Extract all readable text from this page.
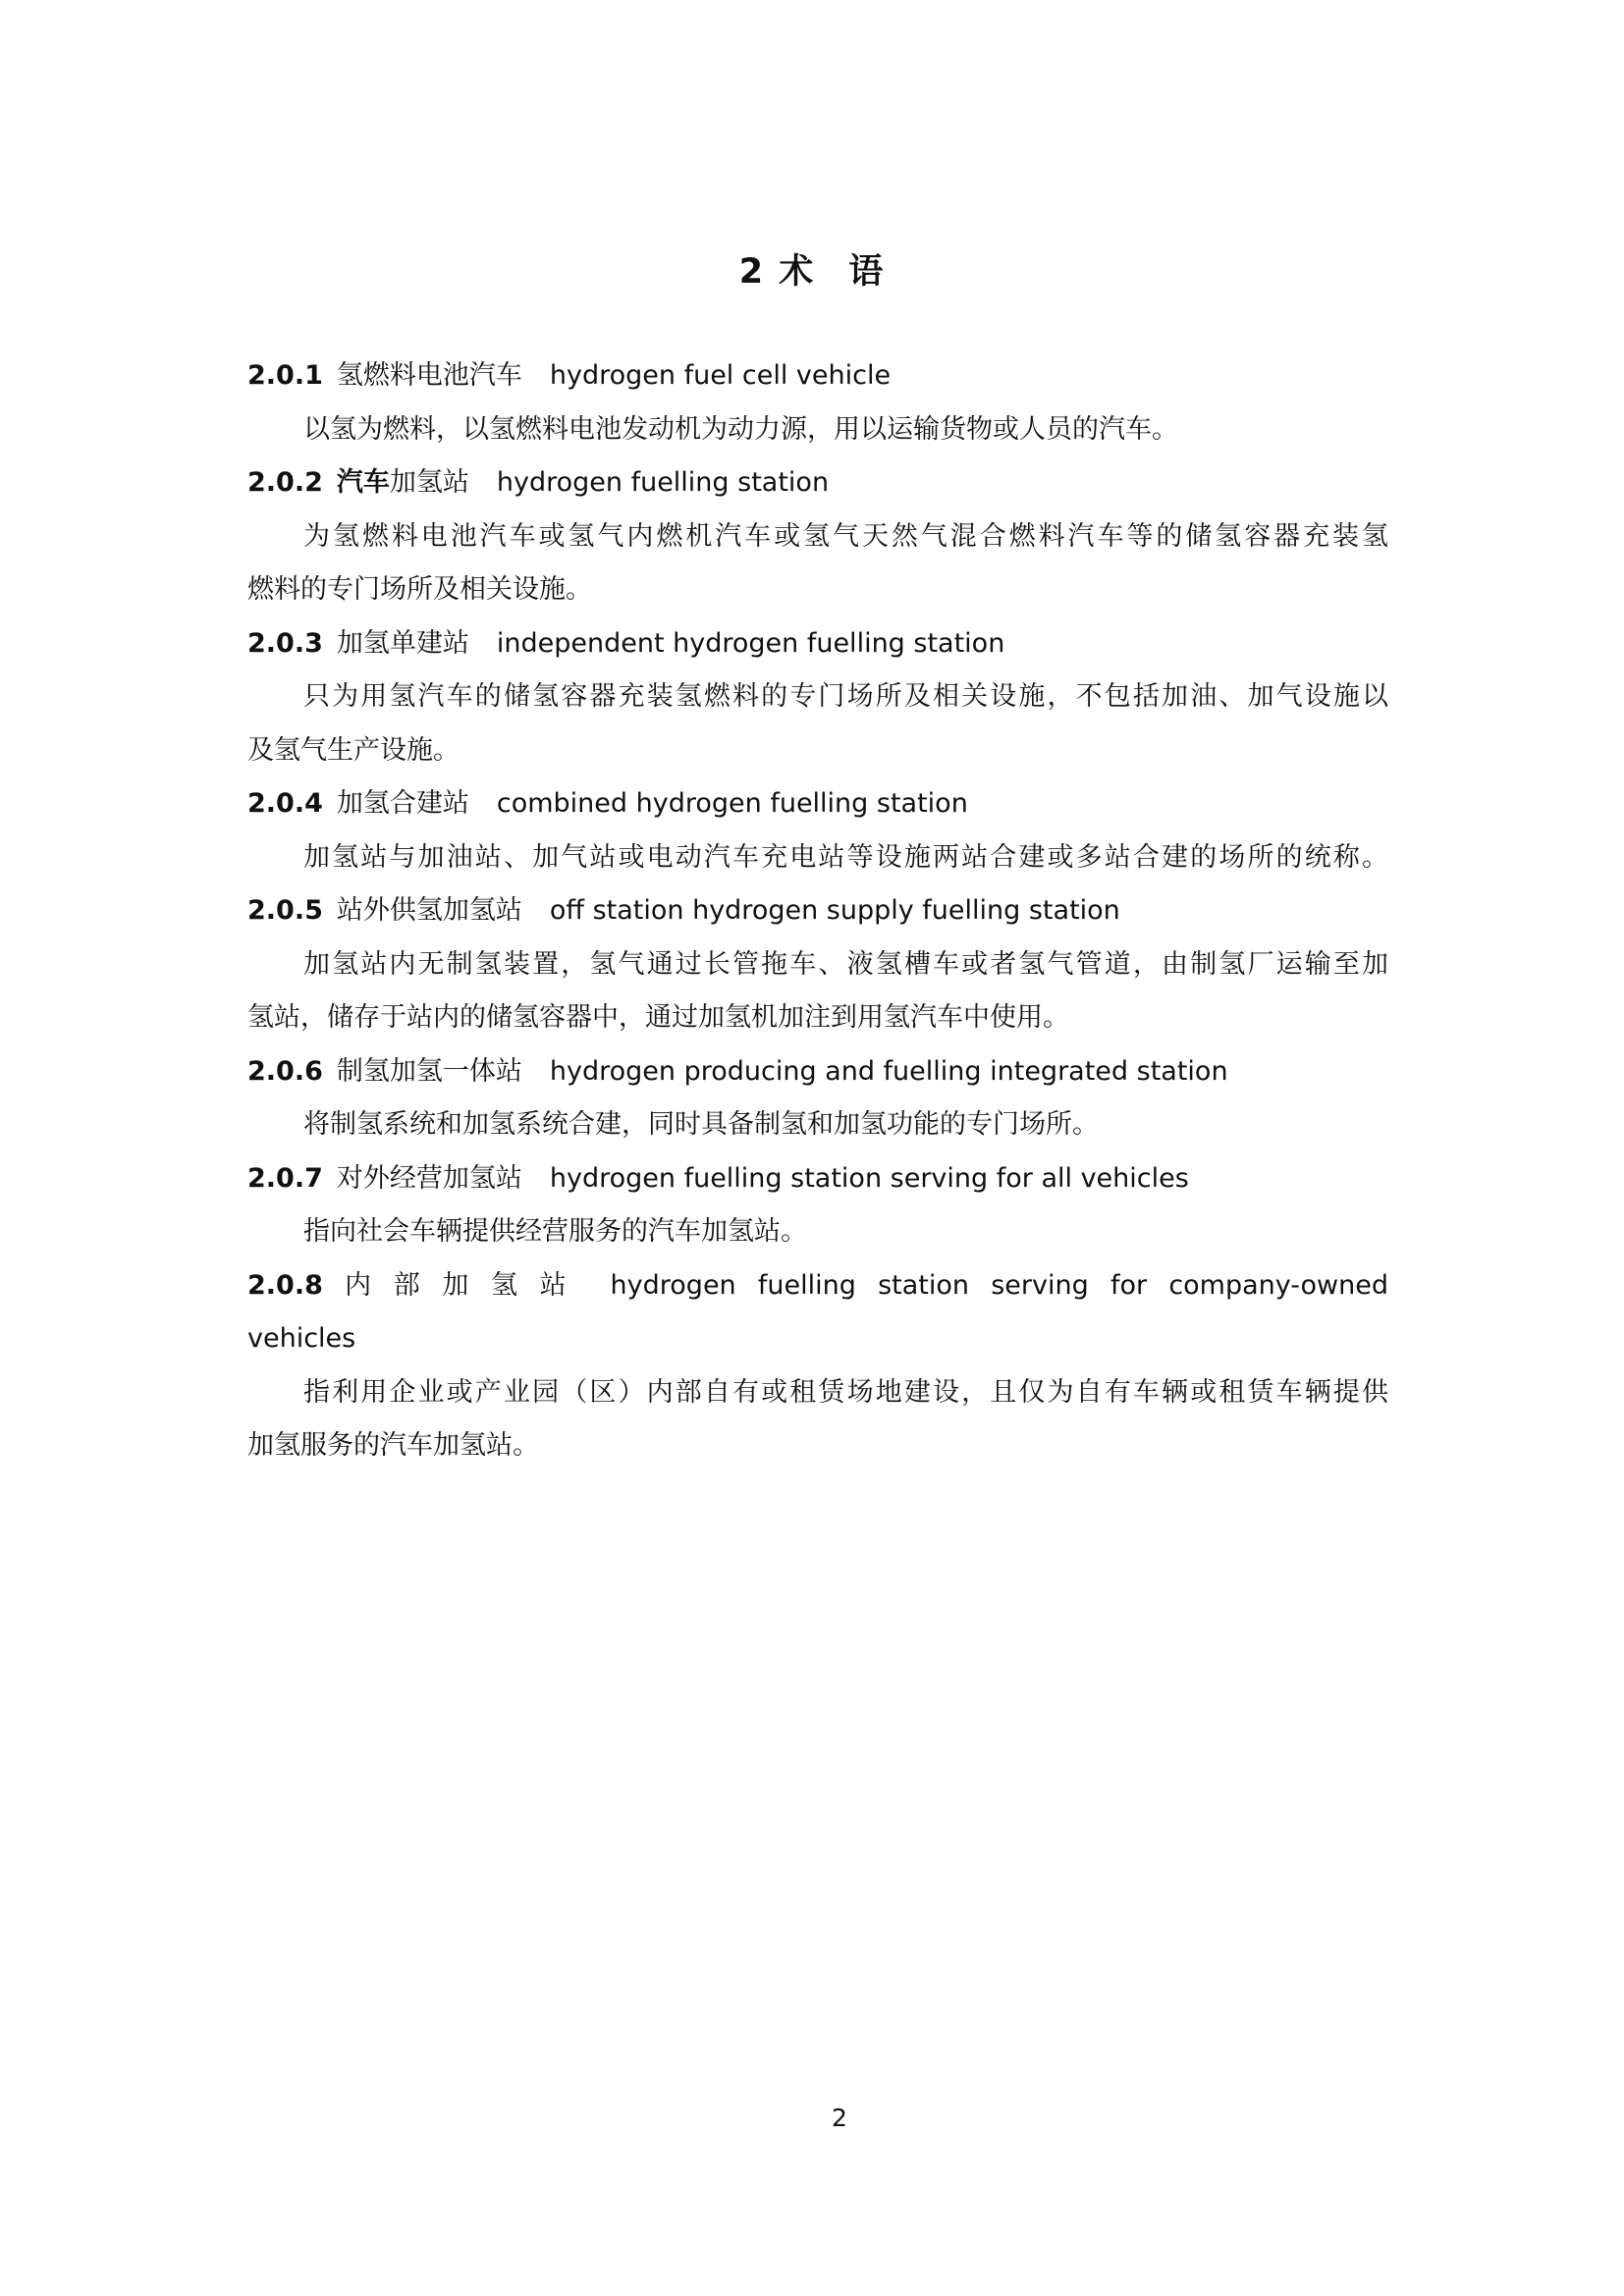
2 术 语
2.0.1 氢燃料电池汽车 hydrogen fuel cell vehicle
以氢为燃料，以氢燃料电池发动机为动力源，用以运输货物或人员的汽车。
2.0.2 汽车加氢站 hydrogen fuelling station
为氢燃料电池汽车或氢气内燃机汽车或氢气天然气混合燃料汽车等的储氢容器充装氢
燃料的专门场所及相关设施。
2.0.3 加氢单建站 independent hydrogen fuelling station
只为用氢汽车的储氢容器充装氢燃料的专门场所及相关设施，不包括加油、加气设施以
及氢气生产设施。
2.0.4 加氢合建站 combined hydrogen fuelling station
加氢站与加油站、加气站或电动汽车充电站等设施两站合建或多站合建的场所的统称。
2.0.5 站外供氢加氢站 off station hydrogen supply fuelling station
加氢站内无制氢装置，氢气通过长管拖车、液氢槽车或者氢气管道，由制氢厂运输至加
氢站，储存于站内的储氢容器中，通过加氢机加注到用氢汽车中使用。
2.0.6 制氢加氢一体站 hydrogen producing and fuelling integrated station
将制氢系统和加氢系统合建，同时具备制氢和加氢功能的专门场所。
2.0.7 对外经营加氢站 hydrogen fuelling station serving for all vehicles
指向社会车辆提供经营服务的汽车加氢站。
2.0.8 内部加氢站 hydrogen fuelling station serving for company-owned
vehicles
指利用企业或产业园（区）内部自有或租赁场地建设，且仅为自有车辆或租赁车辆提供
加氢服务的汽车加氢站。
2
